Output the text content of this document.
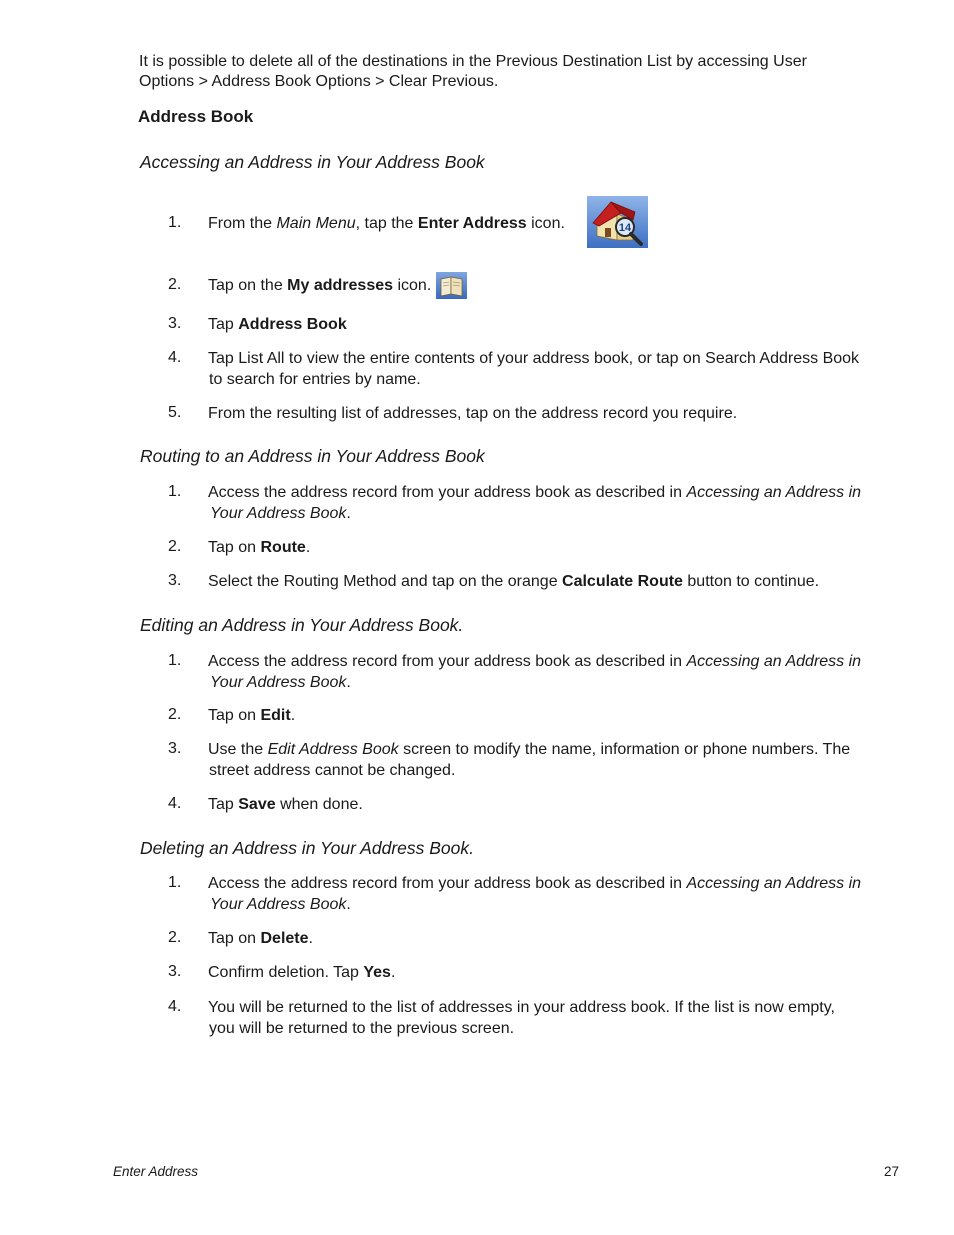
It is possible to delete all of the destinations in the Previous Destination List by accessing User
Options > Address Book Options > Clear Previous.
Address Book
Accessing an Address in Your Address Book
1.	From the Main Menu, tap the Enter Address icon.	14
2.	Tap on the My addresses icon.
3.	Tap Address Book
4.	Tap List All to view the entire contents of your address book, or tap on Search Address Book
to search for entries by name.
5.	From the resulting list of addresses, tap on the address record you require.
Routing to an Address in Your Address Book
1.	Access the address record from your address book as described in Accessing an Address in
Your Address Book.
2.	Tap on Route.
3.	Select the Routing Method and tap on the orange Calculate Route button to continue.
Editing an Address in Your Address Book.
1.	Access the address record from your address book as described in Accessing an Address in
Your Address Book.
2.	Tap on Edit.
3.	Use the Edit Address Book screen to modify the name, information or phone numbers. The
street address cannot be changed.
4.	Tap Save when done.
Deleting an Address in Your Address Book.
1.	Access the address record from your address book as described in Accessing an Address in
Your Address Book.
2.	Tap on Delete.
3.	Confirm deletion. Tap Yes.
4.	You will be returned to the list of addresses in your address book. If the list is now empty,
you will be returned to the previous screen.
Enter Address	27
